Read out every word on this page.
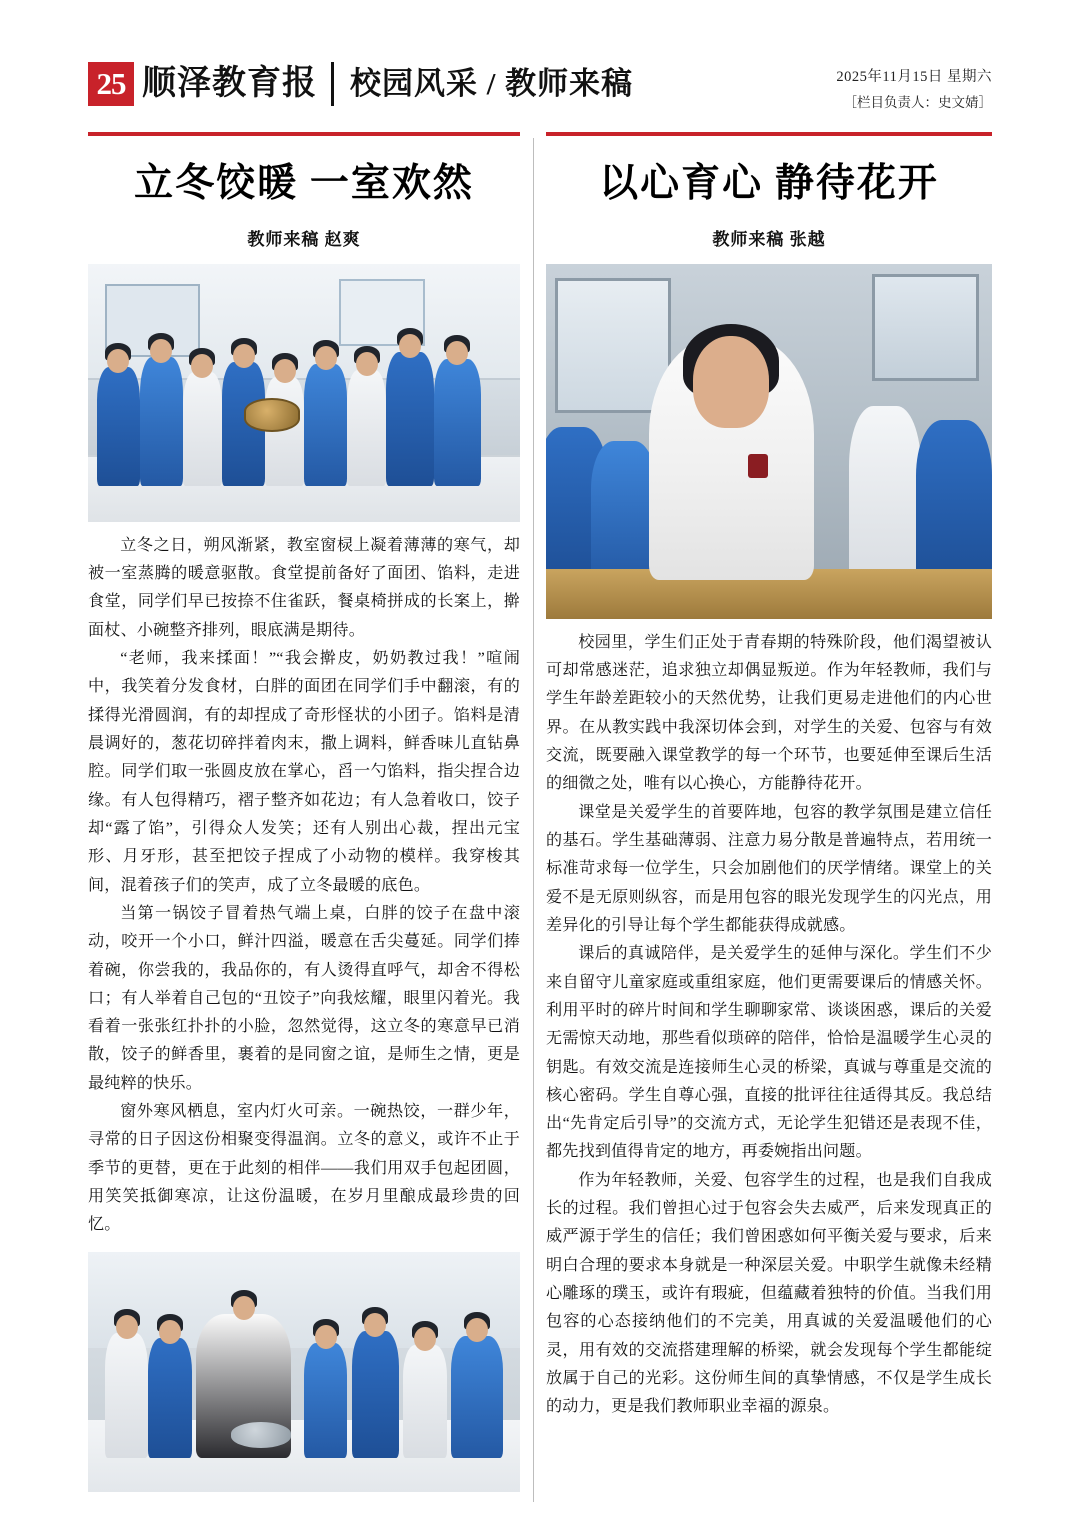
25 顺泽教育报	校园风采 / 教师来稿	2025年11月15日 星期六
［栏目负责人：史文婧］
立冬饺暖 一室欢然
教师来稿 赵爽

立冬之日，朔风渐紧，教室窗棂上凝着薄薄的寒气，却被一室蒸腾的暖意驱散。食堂提前备好了面团、馅料，走进食堂，同学们早已按捺不住雀跃，餐桌椅拼成的长案上，擀面杖、小碗整齐排列，眼底满是期待。

“老师，我来揉面！”“我会擀皮，奶奶教过我！”喧闹中，我笑着分发食材，白胖的面团在同学们手中翻滚，有的揉得光滑圆润，有的却捏成了奇形怪状的小团子。馅料是清晨调好的，葱花切碎拌着肉末，撒上调料，鲜香味儿直钻鼻腔。同学们取一张圆皮放在掌心，舀一勺馅料，指尖捏合边缘。有人包得精巧，褶子整齐如花边；有人急着收口，饺子却“露了馅”，引得众人发笑；还有人别出心裁，捏出元宝形、月牙形，甚至把饺子捏成了小动物的模样。我穿梭其间，混着孩子们的笑声，成了立冬最暖的底色。

当第一锅饺子冒着热气端上桌，白胖的饺子在盘中滚动，咬开一个小口，鲜汁四溢，暖意在舌尖蔓延。同学们捧着碗，你尝我的，我品你的，有人烫得直呼气，却舍不得松口；有人举着自己包的“丑饺子”向我炫耀，眼里闪着光。我看着一张张红扑扑的小脸，忽然觉得，这立冬的寒意早已消散，饺子的鲜香里，裹着的是同窗之谊，是师生之情，更是最纯粹的快乐。

窗外寒风栖息，室内灯火可亲。一碗热饺，一群少年，寻常的日子因这份相聚变得温润。立冬的意义，或许不止于季节的更替，更在于此刻的相伴——我们用双手包起团圆，用笑笑抵御寒凉，让这份温暖，在岁月里酿成最珍贵的回忆。

以心育心 静待花开
教师来稿 张越

校园里，学生们正处于青春期的特殊阶段，他们渴望被认可却常感迷茫，追求独立却偶显叛逆。作为年轻教师，我们与学生年龄差距较小的天然优势，让我们更易走进他们的内心世界。在从教实践中我深切体会到，对学生的关爱、包容与有效交流，既要融入课堂教学的每一个环节，也要延伸至课后生活的细微之处，唯有以心换心，方能静待花开。

课堂是关爱学生的首要阵地，包容的教学氛围是建立信任的基石。学生基础薄弱、注意力易分散是普遍特点，若用统一标准苛求每一位学生，只会加剧他们的厌学情绪。课堂上的关爱不是无原则纵容，而是用包容的眼光发现学生的闪光点，用差异化的引导让每个学生都能获得成就感。

课后的真诚陪伴，是关爱学生的延伸与深化。学生们不少来自留守儿童家庭或重组家庭，他们更需要课后的情感关怀。利用平时的碎片时间和学生聊聊家常、谈谈困惑，课后的关爱无需惊天动地，那些看似琐碎的陪伴，恰恰是温暖学生心灵的钥匙。有效交流是连接师生心灵的桥梁，真诚与尊重是交流的核心密码。学生自尊心强，直接的批评往往适得其反。我总结出“先肯定后引导”的交流方式，无论学生犯错还是表现不佳，都先找到值得肯定的地方，再委婉指出问题。

作为年轻教师，关爱、包容学生的过程，也是我们自我成长的过程。我们曾担心过于包容会失去威严，后来发现真正的威严源于学生的信任；我们曾困惑如何平衡关爱与要求，后来明白合理的要求本身就是一种深层关爱。中职学生就像未经精心雕琢的璞玉，或许有瑕疵，但蕴藏着独特的价值。当我们用包容的心态接纳他们的不完美，用真诚的关爱温暖他们的心灵，用有效的交流搭建理解的桥梁，就会发现每个学生都能绽放属于自己的光彩。这份师生间的真挚情感，不仅是学生成长的动力，更是我们教师职业幸福的源泉。
